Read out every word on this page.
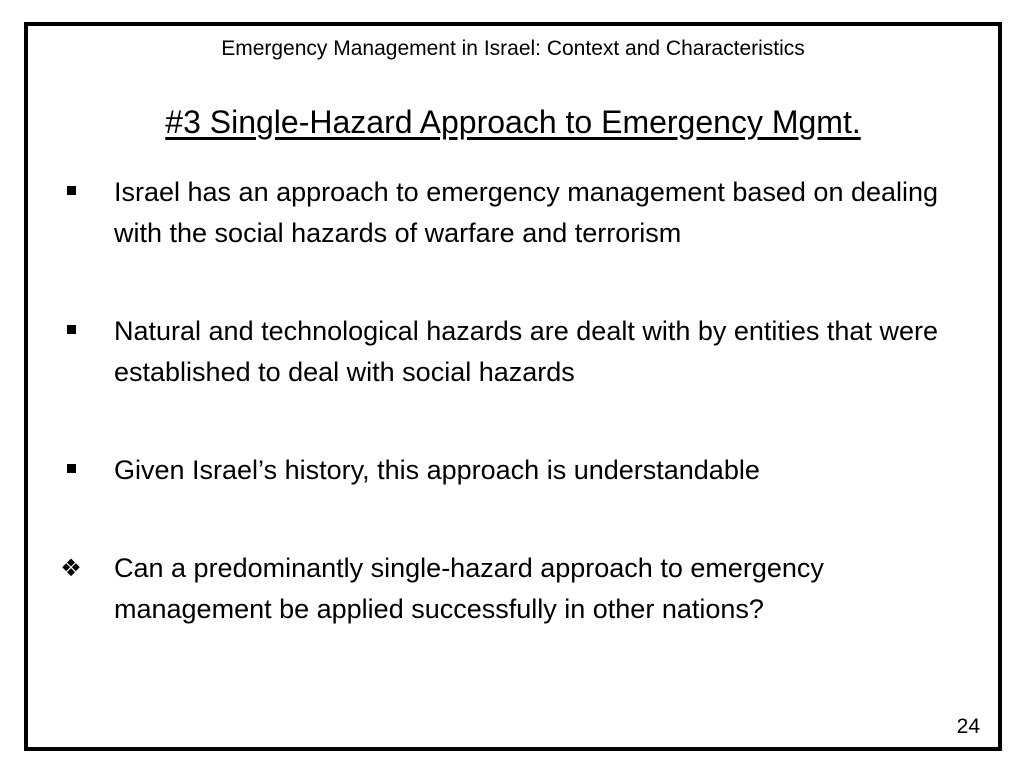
Emergency Management in Israel: Context and Characteristics
#3 Single-Hazard Approach to Emergency Mgmt.
Israel has an approach to emergency management based on dealing with the social hazards of warfare and terrorism
Natural and technological hazards are dealt with by entities that were established to deal with social hazards
Given Israel’s history, this approach is understandable
❖ Can a predominantly single-hazard approach to emergency management be applied successfully in other nations?
24
